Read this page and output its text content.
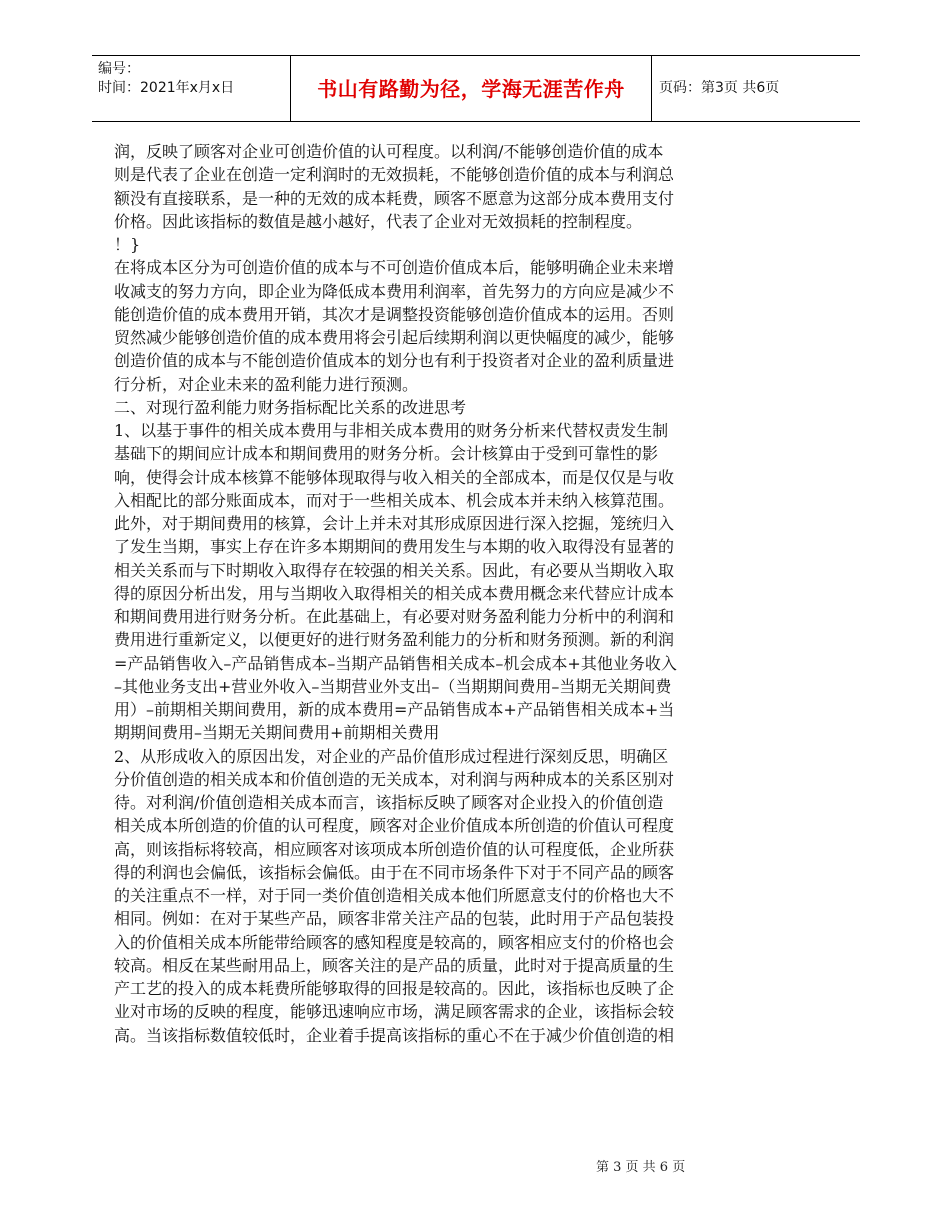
编号：
时间：2021年x月x日	书山有路勤为径，学海无涯苦作舟 页码：第3页 共6页
润，反映了顾客对企业可创造价值的认可程度。以利润/不能够创造价值的成本
则是代表了企业在创造一定利润时的无效损耗，不能够创造价值的成本与利润总
额没有直接联系，是一种的无效的成本耗费，顾客不愿意为这部分成本费用支付
价格。因此该指标的数值是越小越好，代表了企业对无效损耗的控制程度。
！}
在将成本区分为可创造价值的成本与不可创造价值成本后，能够明确企业未来增
收减支的努力方向，即企业为降低成本费用利润率，首先努力的方向应是减少不
能创造价值的成本费用开销，其次才是调整投资能够创造价值成本的运用。否则
贸然减少能够创造价值的成本费用将会引起后续期利润以更快幅度的减少，能够
创造价值的成本与不能创造价值成本的划分也有利于投资者对企业的盈利质量进
行分析，对企业未来的盈利能力进行预测。
二、对现行盈利能力财务指标配比关系的改进思考
1、以基于事件的相关成本费用与非相关成本费用的财务分析来代替权责发生制
基础下的期间应计成本和期间费用的财务分析。会计核算由于受到可靠性的影
响，使得会计成本核算不能够体现取得与收入相关的全部成本，而是仅仅是与收
入相配比的部分账面成本，而对于一些相关成本、机会成本并未纳入核算范围。
此外，对于期间费用的核算，会计上并未对其形成原因进行深入挖掘，笼统归入
了发生当期，事实上存在许多本期期间的费用发生与本期的收入取得没有显著的
相关关系而与下时期收入取得存在较强的相关关系。因此，有必要从当期收入取
得的原因分析出发，用与当期收入取得相关的相关成本费用概念来代替应计成本
和期间费用进行财务分析。在此基础上，有必要对财务盈利能力分析中的利润和
费用进行重新定义，以便更好的进行财务盈利能力的分析和财务预测。新的利润
=产品销售收入–产品销售成本–当期产品销售相关成本–机会成本+其他业务收入
–其他业务支出+营业外收入–当期营业外支出–（当期期间费用–当期无关期间费
用）–前期相关期间费用，新的成本费用=产品销售成本+产品销售相关成本+当
期期间费用–当期无关期间费用+前期相关费用
2、从形成收入的原因出发，对企业的产品价值形成过程进行深刻反思，明确区
分价值创造的相关成本和价值创造的无关成本，对利润与两种成本的关系区别对
待。对利润/价值创造相关成本而言，该指标反映了顾客对企业投入的价值创造
相关成本所创造的价值的认可程度，顾客对企业价值成本所创造的价值认可程度
高，则该指标将较高，相应顾客对该项成本所创造价值的认可程度低，企业所获
得的利润也会偏低，该指标会偏低。由于在不同市场条件下对于不同产品的顾客
的关注重点不一样，对于同一类价值创造相关成本他们所愿意支付的价格也大不
相同。例如：在对于某些产品，顾客非常关注产品的包装，此时用于产品包装投
入的价值相关成本所能带给顾客的感知程度是较高的，顾客相应支付的价格也会
较高。相反在某些耐用品上，顾客关注的是产品的质量，此时对于提高质量的生
产工艺的投入的成本耗费所能够取得的回报是较高的。因此，该指标也反映了企
业对市场的反映的程度，能够迅速响应市场，满足顾客需求的企业，该指标会较
高。当该指标数值较低时，企业着手提高该指标的重心不在于减少价值创造的相
第 3 页 共 6 页
